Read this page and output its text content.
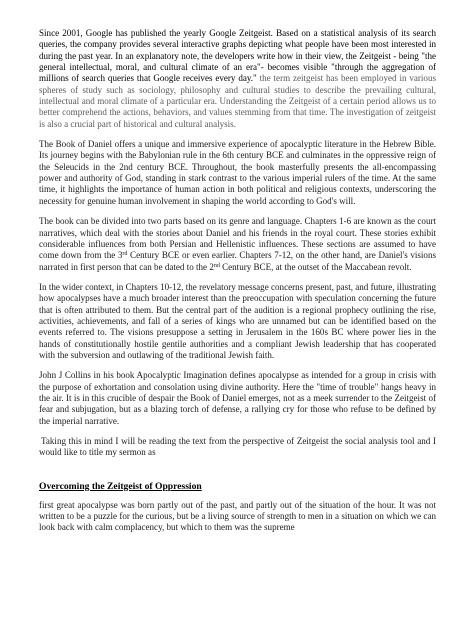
Since 2001, Google has published the yearly Google Zeitgeist. Based on a statistical analysis of its search queries, the company provides several interactive graphs depicting what people have been most interested in during the past year. In an explanatory note, the developers write how in their view, the Zeitgeist - being "the general intellectual, moral, and cultural climate of an era"- becomes visible "through the aggregation of millions of search queries that Google receives every day." the term zeitgeist has been employed in various spheres of study such as sociology, philosophy and cultural studies to describe the prevailing cultural, intellectual and moral climate of a particular era. Understanding the Zeitgeist of a certain period allows us to better comprehend the actions, behaviors, and values stemming from that time. The investigation of zeitgeist is also a crucial part of historical and cultural analysis.

The Book of Daniel offers a unique and immersive experience of apocalyptic literature in the Hebrew Bible. Its journey begins with the Babylonian rule in the 6th century BCE and culminates in the oppressive reign of the Seleucids in the 2nd century BCE. Throughout, the book masterfully presents the all-encompassing power and authority of God, standing in stark contrast to the various imperial rulers of the time. At the same time, it highlights the importance of human action in both political and religious contexts, underscoring the necessity for genuine human involvement in shaping the world according to God's will.

The book can be divided into two parts based on its genre and language. Chapters 1-6 are known as the court narratives, which deal with the stories about Daniel and his friends in the royal court. These stories exhibit considerable influences from both Persian and Hellenistic influences. These sections are assumed to have come down from the 3rd Century BCE or even earlier. Chapters 7-12, on the other hand, are Daniel's visions narrated in first person that can be dated to the 2nd Century BCE, at the outset of the Maccabean revolt.

In the wider context, in Chapters 10-12, the revelatory message concerns present, past, and future, illustrating how apocalypses have a much broader interest than the preoccupation with speculation concerning the future that is often attributed to them. But the central part of the audition is a regional prophecy outlining the rise, activities, achievements, and fall of a series of kings who are unnamed but can be identified based on the events referred to. The visions presuppose a setting in Jerusalem in the 160s BC where power lies in the hands of constitutionally hostile gentile authorities and a compliant Jewish leadership that has cooperated with the subversion and outlawing of the traditional Jewish faith.

John J Collins in his book Apocalyptic Imagination defines apocalypse as intended for a group in crisis with the purpose of exhortation and consolation using divine authority. Here the "time of trouble" hangs heavy in the air. It is in this crucible of despair the Book of Daniel emerges, not as a meek surrender to the Zeitgeist of fear and subjugation, but as a blazing torch of defense, a rallying cry for those who refuse to be defined by the imperial narrative.

Taking this in mind I will be reading the text from the perspective of Zeitgeist the social analysis tool and I would like to title my sermon as

Overcoming the Zeitgeist of Oppression

first great apocalypse was born partly out of the past, and partly out of the situation of the hour. It was not written to be a puzzle for the curious, but be a living source of strength to men in a situation on which we can look back with calm complacency, but which to them was the supreme
